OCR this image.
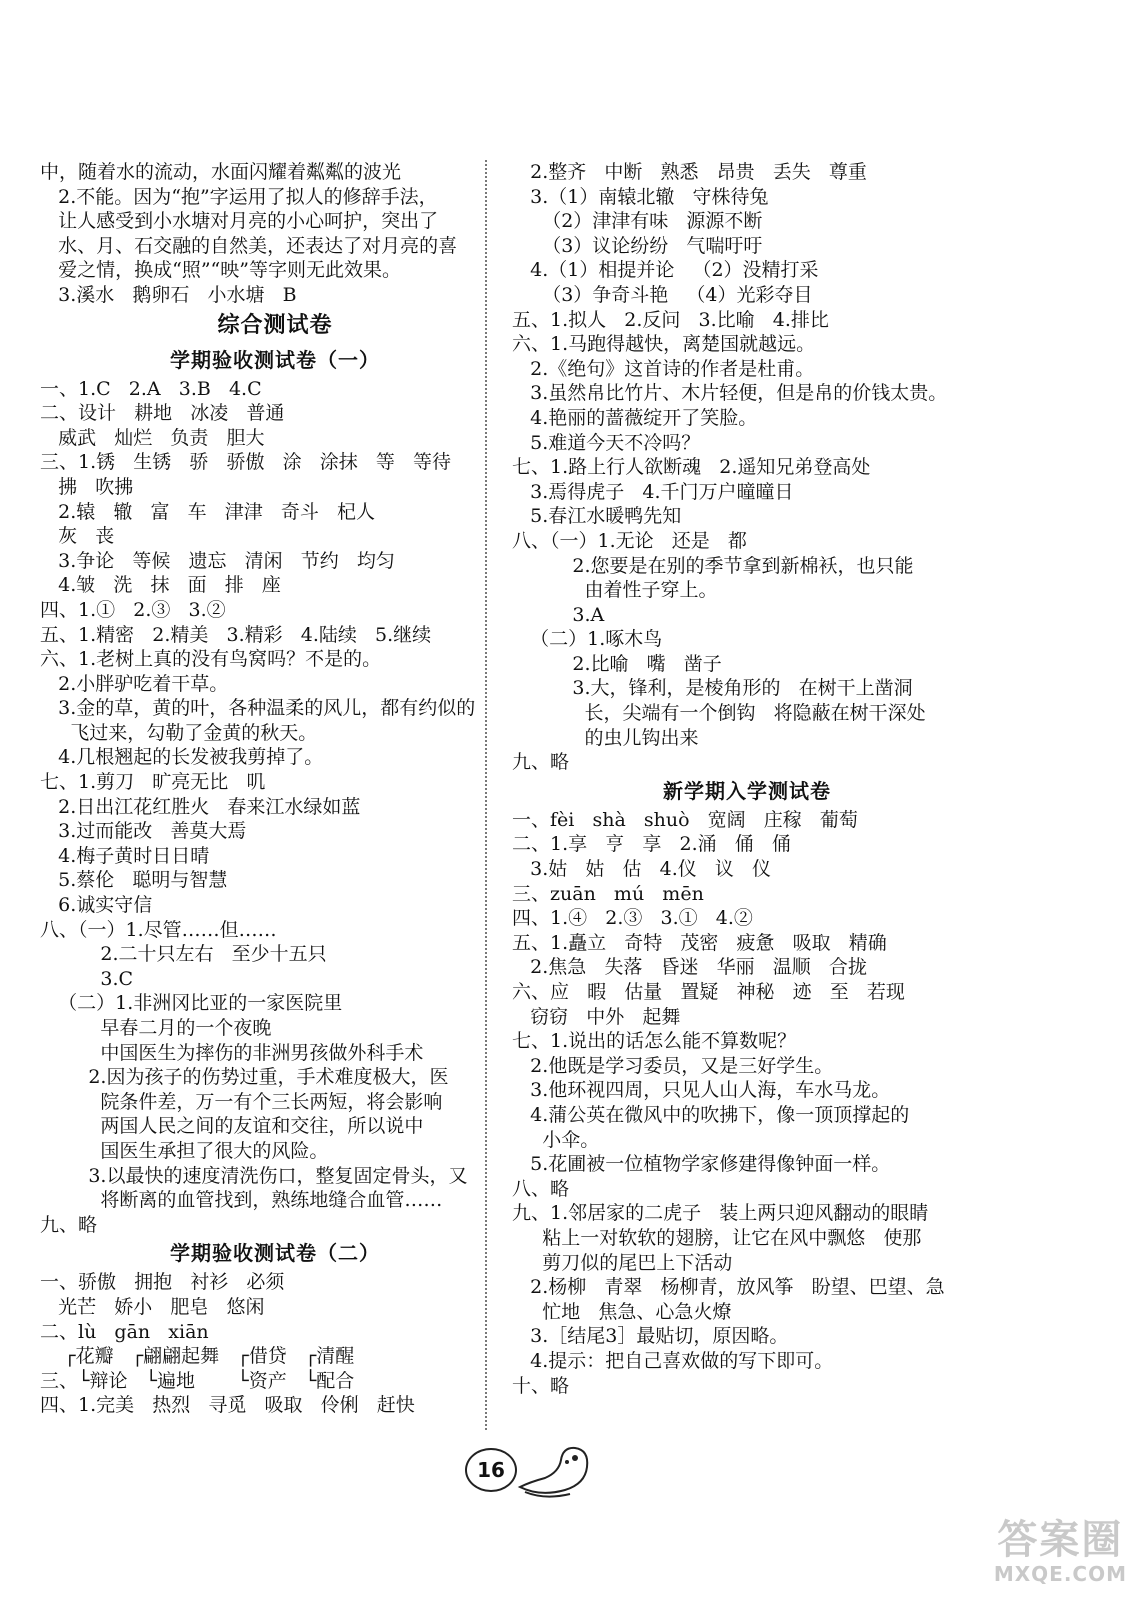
中，随着水的流动，水面闪耀着粼粼的波光
2.不能。因为“抱”字运用了拟人的修辞手法，
让人感受到小水塘对月亮的小心呵护，突出了
水、月、石交融的自然美，还表达了对月亮的喜
爱之情，换成“照”“映”等字则无此效果。
3.溪水   鹅卵石   小水塘   B
综合测试卷
学期验收测试卷（一）
一、1.C   2.A   3.B   4.C
二、设计   耕地   冰凌   普通
威武   灿烂   负责   胆大
三、1.锈   生锈   骄   骄傲   涂   涂抹   等   等待
拂   吹拂
2.辕   辙   富   车   津津   奇斗   杞人
灰   丧
3.争论   等候   遗忘   清闲   节约   均匀
4.皱   洗   抹   面   排   座
四、1.①   2.③   3.②
五、1.精密   2.精美   3.精彩   4.陆续   5.继续
六、1.老树上真的没有鸟窝吗？不是的。
2.小胖驴吃着干草。
3.金的草，黄的叶，各种温柔的风儿，都有约似的
飞过来，勾勒了金黄的秋天。
4.几根翘起的长发被我剪掉了。
七、1.剪刀   旷亮无比   叽
2.日出江花红胜火   春来江水绿如蓝
3.过而能改   善莫大焉
4.梅子黄时日日晴
5.蔡伦   聪明与智慧
6.诚实守信
八、（一）1.尽管……但……
2.二十只左右   至少十五只
3.C
（二）1.非洲冈比亚的一家医院里
早春二月的一个夜晚
中国医生为摔伤的非洲男孩做外科手术
2.因为孩子的伤势过重，手术难度极大，医
院条件差，万一有个三长两短，将会影响
两国人民之间的友谊和交往，所以说中
国医生承担了很大的风险。
3.以最快的速度清洗伤口，整复固定骨头，又
将断离的血管找到，熟练地缝合血管……
九、略
学期验收测试卷（二）
一、骄傲   拥抱   衬衫   必须
光芒   娇小   肥皂   悠闲
二、lù   gān   xiān
┌花瓣   ┌翩翩起舞   ┌借贷   ┌清醒
三、└辩论   └遍地       └资产   └配合
四、1.完美   热烈   寻觅   吸取   伶俐   赶快
2.整齐   中断   熟悉   昂贵   丢失   尊重
3.（1）南辕北辙   守株待兔
（2）津津有味   源源不断
（3）议论纷纷   气喘吁吁
4.（1）相提并论   （2）没精打采
（3）争奇斗艳   （4）光彩夺目
五、1.拟人   2.反问   3.比喻   4.排比
六、1.马跑得越快，离楚国就越远。
2.《绝句》这首诗的作者是杜甫。
3.虽然帛比竹片、木片轻便，但是帛的价钱太贵。
4.艳丽的蔷薇绽开了笑脸。
5.难道今天不冷吗？
七、1.路上行人欲断魂   2.遥知兄弟登高处
3.焉得虎子   4.千门万户曈曈日
5.春江水暖鸭先知
八、（一）1.无论   还是   都
2.您要是在别的季节拿到新棉袄，也只能
由着性子穿上。
3.A
（二）1.啄木鸟
2.比喻   嘴   凿子
3.大，锋利，是棱角形的   在树干上凿洞
长，尖端有一个倒钩   将隐蔽在树干深处
的虫儿钩出来
九、略
新学期入学测试卷
一、fèi   shà   shuò   宽阔   庄稼   葡萄
二、1.享   亨   享   2.涌   俑   俑
3.姑   姑   估   4.仪   议   仪
三、zuān   mú   mēn
四、1.④   2.③   3.①   4.②
五、1.矗立   奇特   茂密   疲惫   吸取   精确
2.焦急   失落   昏迷   华丽   温顺   合拢
六、应   暇   估量   置疑   神秘   迹   至   若现
窃窃   中外   起舞
七、1.说出的话怎么能不算数呢？
2.他既是学习委员，又是三好学生。
3.他环视四周，只见人山人海，车水马龙。
4.蒲公英在微风中的吹拂下，像一顶顶撑起的
小伞。
5.花圃被一位植物学家修建得像钟面一样。
八、略
九、1.邻居家的二虎子   装上两只迎风翻动的眼睛
粘上一对软软的翅膀，让它在风中飘悠   使那
剪刀似的尾巴上下活动
2.杨柳   青翠   杨柳青，放风筝   盼望、巴望、急
忙地   焦急、心急火燎
3.［结尾3］最贴切，原因略。
4.提示：把自己喜欢做的写下即可。
十、略
16
答案圈
MXQE.COM
